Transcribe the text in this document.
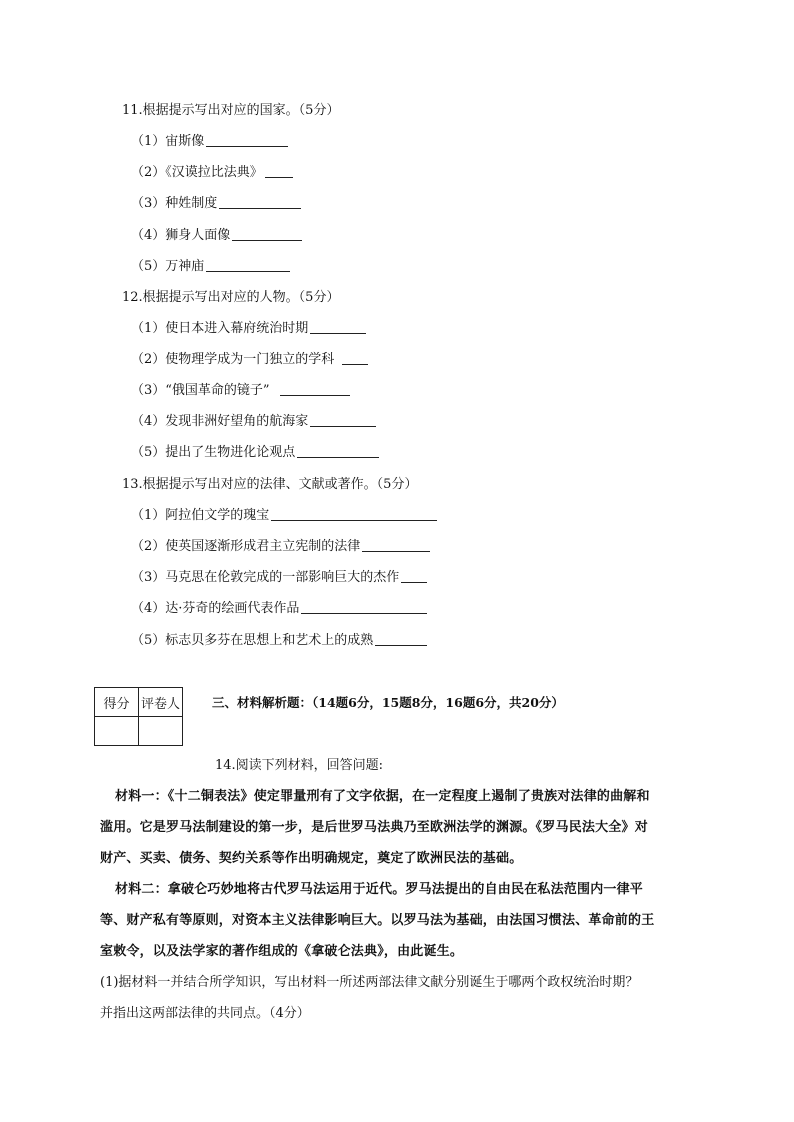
11.根据提示写出对应的国家。（5分）
（1）宙斯像
（2）《汉谟拉比法典》
（3）种姓制度
（4）狮身人面像
（5）万神庙
12.根据提示写出对应的人物。（5分）
（1）使日本进入幕府统治时期
（2）使物理学成为一门独立的学科
（3）“俄国革命的镜子”
（4）发现非洲好望角的航海家
（5）提出了生物进化论观点
13.根据提示写出对应的法律、文献或著作。（5分）
（1）阿拉伯文学的瑰宝
（2）使英国逐渐形成君主立宪制的法律
（3）马克思在伦敦完成的一部影响巨大的杰作
（4）达·芬奇的绘画代表作品
（5）标志贝多芬在思想上和艺术上的成熟
得分	评卷人
		三、材料解析题：（14题6分，15题8分，16题6分，共20分）
14.阅读下列材料，回答问题:
材料一：《十二铜表法》使定罪量刑有了文字依据，在一定程度上遏制了贵族对法律的曲解和
滥用。它是罗马法制建设的第一步，是后世罗马法典乃至欧洲法学的渊源。《罗马民法大全》对
财产、买卖、债务、契约关系等作出明确规定，奠定了欧洲民法的基础。
材料二：拿破仑巧妙地将古代罗马法运用于近代。罗马法提出的自由民在私法范围内一律平
等、财产私有等原则，对资本主义法律影响巨大。以罗马法为基础，由法国习惯法、革命前的王
室敕令，以及法学家的著作组成的《拿破仑法典》，由此诞生。
(1)据材料一并结合所学知识，写出材料一所述两部法律文献分别诞生于哪两个政权统治时期？
并指出这两部法律的共同点。（4分）
